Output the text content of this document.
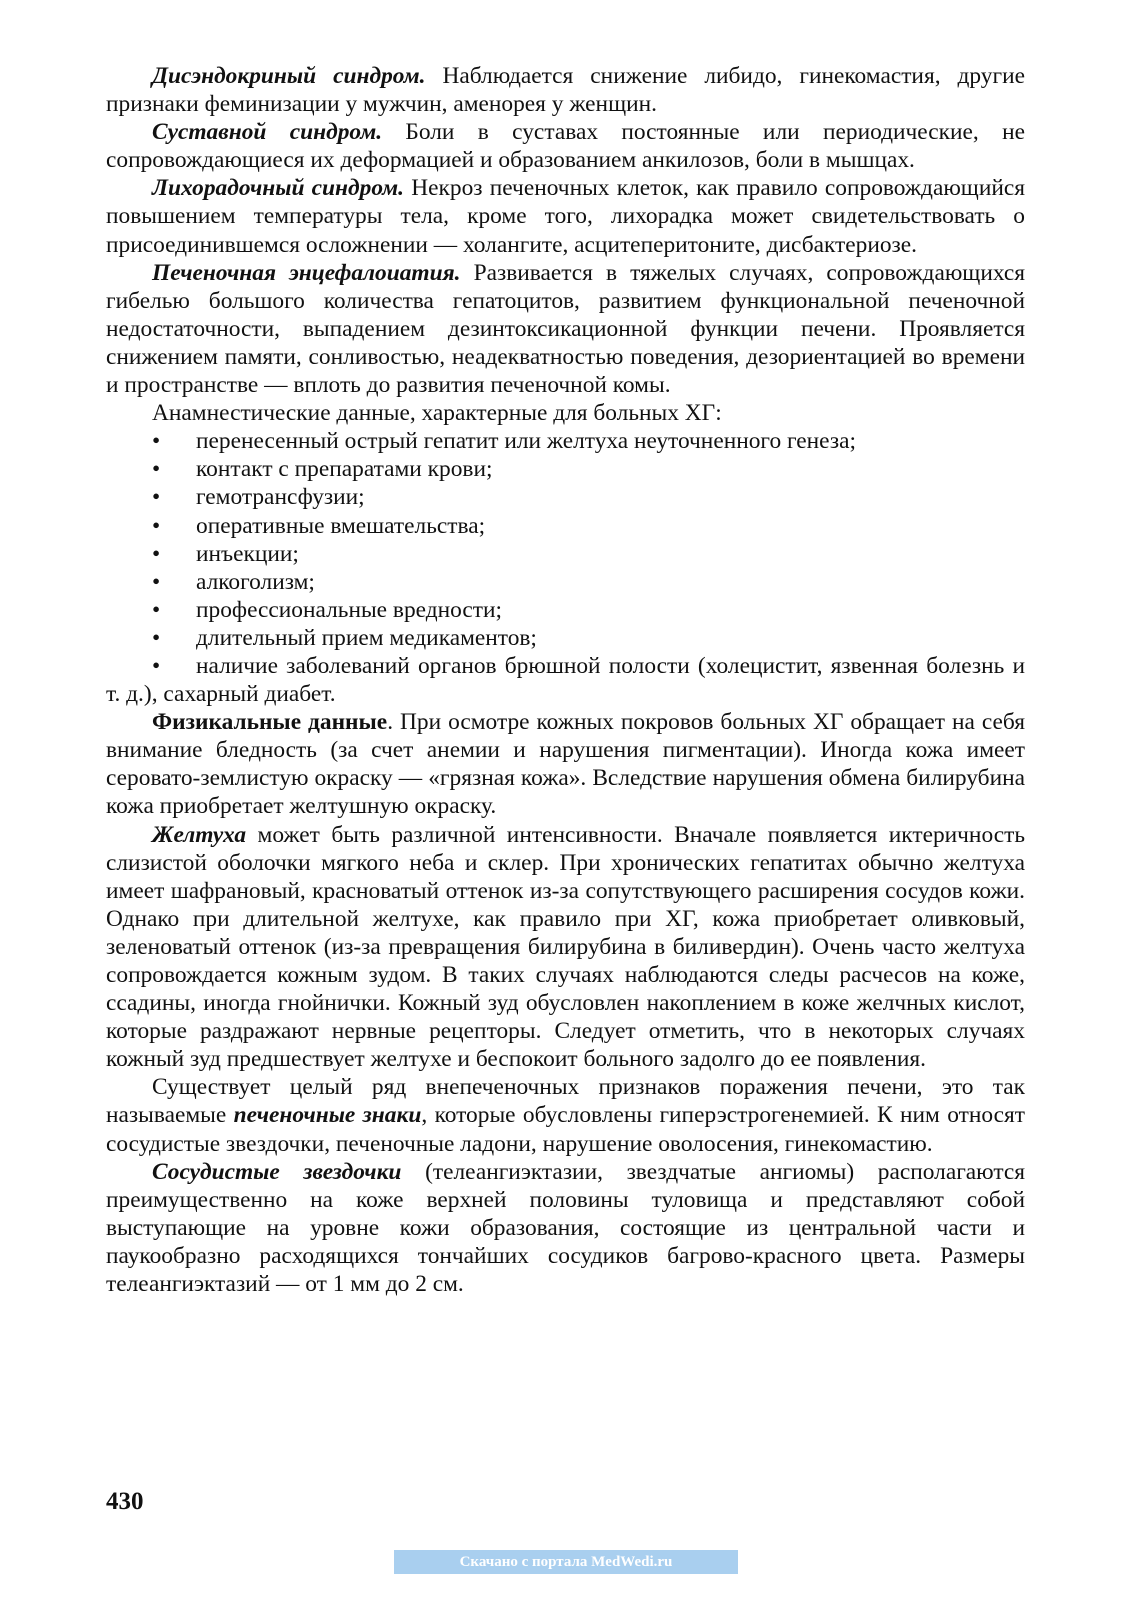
Дисэндокриный синдром. Наблюдается снижение либидо, гинекомастия, другие признаки феминизации у мужчин, аменорея у женщин.

Суставной синдром. Боли в суставах постоянные или периодические, не сопровождающиеся их деформацией и образованием анкилозов, боли в мышцах.

Лихорадочный синдром. Некроз печеночных клеток, как правило сопровождающийся повышением температуры тела, кроме того, лихорадка может свидетельствовать о присоединившемся осложнении — холангите, асцитеперитоните, дисбактериозе.

Печеночная энцефалоиатия. Развивается в тяжелых случаях, сопровождающихся гибелью большого количества гепатоцитов, развитием функциональной печеночной недостаточности, выпадением дезинтоксикационной функции печени. Проявляется снижением памяти, сонливостью, неадекватностью поведения, дезориентацией во времени и пространстве — вплоть до развития печеночной комы.

Анамнестические данные, характерные для больных ХГ:

• перенесенный острый гепатит или желтуха неуточненного генеза;
• контакт с препаратами крови;
• гемотрансфузии;
• оперативные вмешательства;
• инъекции;
• алкоголизм;
• профессиональные вредности;
• длительный прием медикаментов;
• наличие заболеваний органов брюшной полости (холецистит, язвенная болезнь и т. д.), сахарный диабет.

Физикальные данные. При осмотре кожных покровов больных ХГ обращает на себя внимание бледность (за счет анемии и нарушения пигментации). Иногда кожа имеет серовато-землистую окраску — «грязная кожа». Вследствие нарушения обмена билирубина кожа приобретает желтушную окраску.

Желтуха может быть различной интенсивности. Вначале появляется иктеричность слизистой оболочки мягкого неба и склер. При хронических гепатитах обычно желтуха имеет шафрановый, красноватый оттенок из-за сопутствующего расширения сосудов кожи. Однако при длительной желтухе, как правило при ХГ, кожа приобретает оливковый, зеленоватый оттенок (из-за превращения билирубина в биливердин). Очень часто желтуха сопровождается кожным зудом. В таких случаях наблюдаются следы расчесов на коже, ссадины, иногда гнойнички. Кожный зуд обусловлен накоплением в коже желчных кислот, которые раздражают нервные рецепторы. Следует отметить, что в некоторых случаях кожный зуд предшествует желтухе и беспокоит больного задолго до ее появления.

Существует целый ряд внепеченочных признаков поражения печени, это так называемые печеночные знаки, которые обусловлены гиперэстрогенемией. К ним относят сосудистые звездочки, печеночные ладони, нарушение оволосения, гинекомастию.

Сосудистые звездочки (телеангиэктазии, звездчатые ангиомы) располагаются преимущественно на коже верхней половины туловища и представляют собой выступающие на уровне кожи образования, состоящие из центральной части и паукообразно расходящихся тончайших сосудиков багрово-красного цвета. Размеры телеангиэктазий — от 1 мм до 2 см.

430

Скачано с портала MedWedi.ru
